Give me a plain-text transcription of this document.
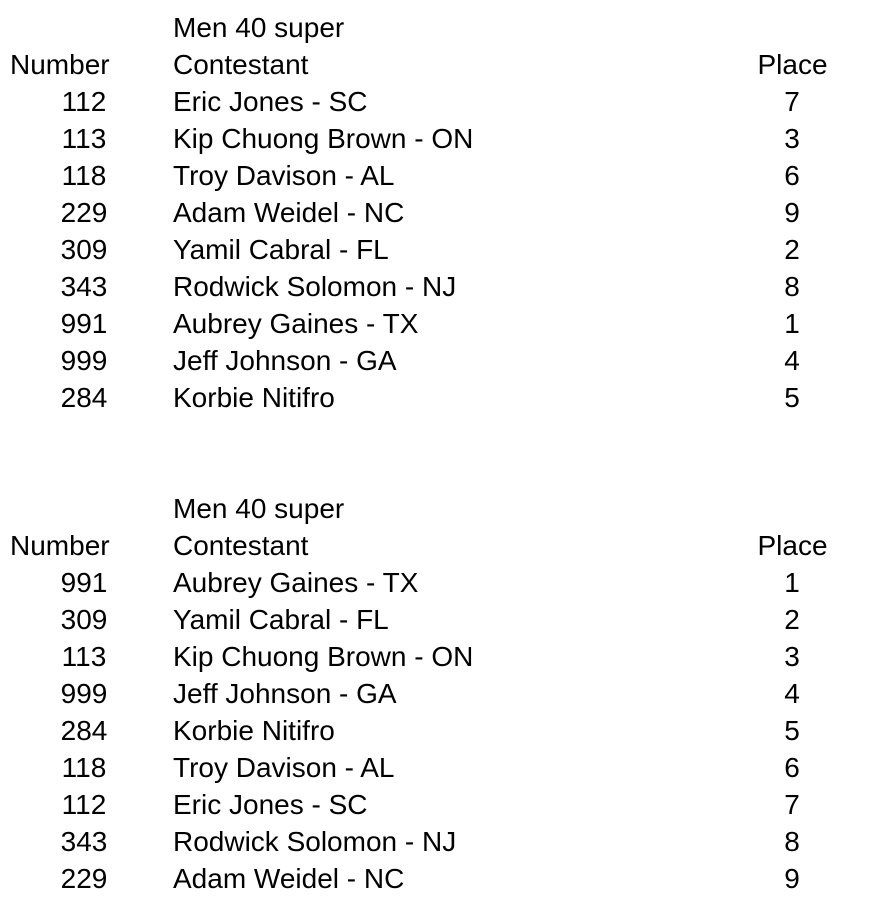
Men 40 super
Number	Contestant	Place
112	Eric Jones - SC	7
113	Kip Chuong Brown - ON	3
118	Troy Davison - AL	6
229	Adam Weidel - NC	9
309	Yamil Cabral - FL	2
343	Rodwick Solomon - NJ	8
991	Aubrey Gaines - TX	1
999	Jeff Johnson - GA	4
284	Korbie Nitifro	5
Men 40 super
Number	Contestant	Place
991	Aubrey Gaines - TX	1
309	Yamil Cabral - FL	2
113	Kip Chuong Brown - ON	3
999	Jeff Johnson - GA	4
284	Korbie Nitifro	5
118	Troy Davison - AL	6
112	Eric Jones - SC	7
343	Rodwick Solomon - NJ	8
229	Adam Weidel - NC	9
